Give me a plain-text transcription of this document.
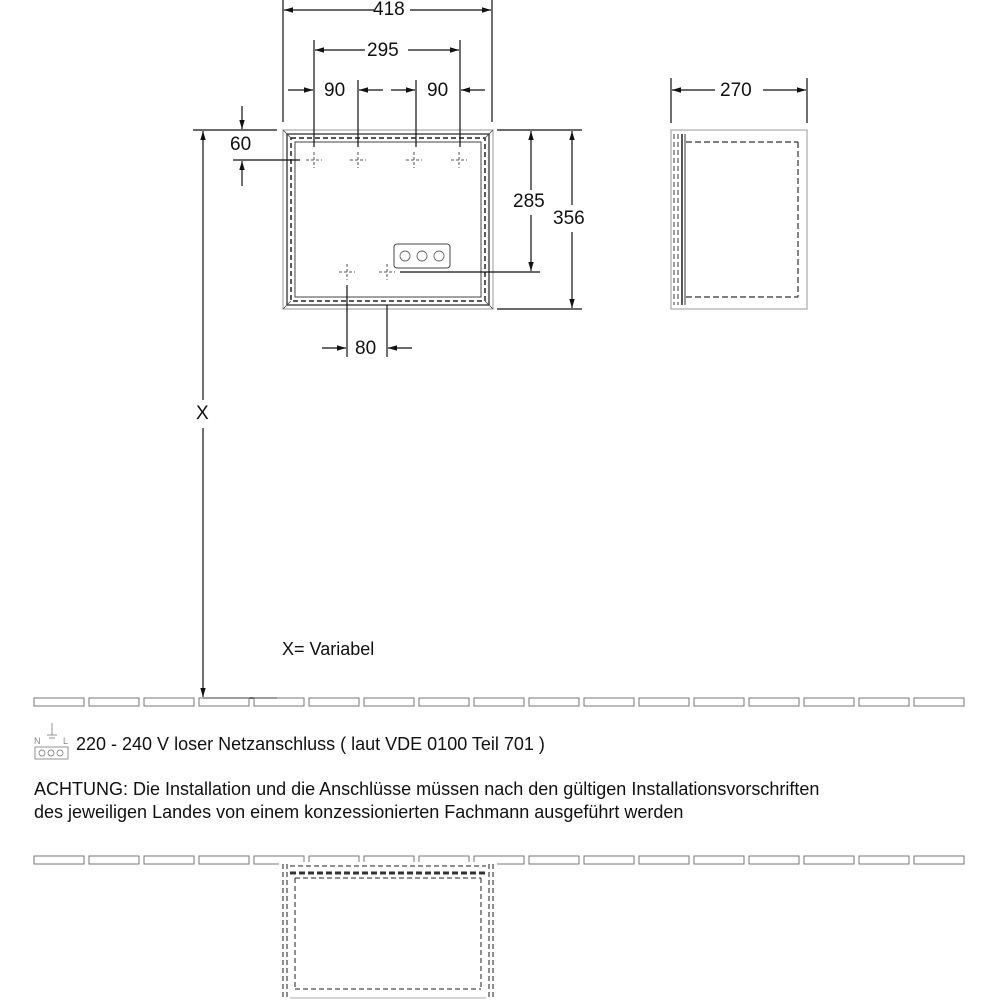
418
295
90	90
60
285
356
80
270
X
X= Variabel
N	L 220 - 240 V loser Netzanschluss ( laut VDE 0100 Teil 701 )
ACHTUNG: Die Installation und die Anschlüsse müssen nach den gültigen Installationsvorschriften
des jeweiligen Landes von einem konzessionierten Fachmann ausgeführt werden
